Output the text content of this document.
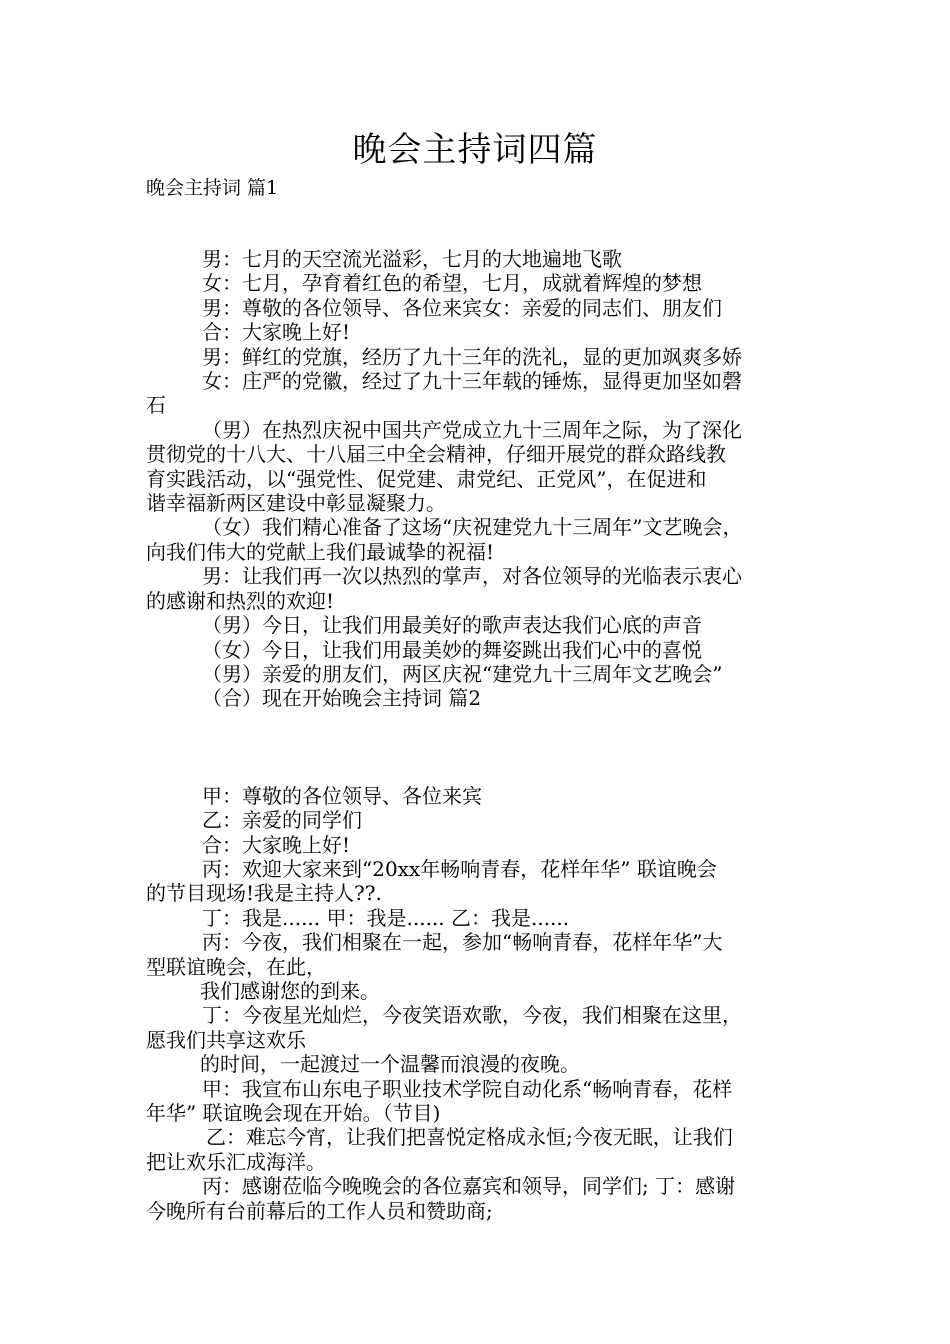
晚会主持词四篇
晚会主持词 篇1
男：七月的天空流光溢彩，七月的大地遍地飞歌
女：七月，孕育着红色的希望，七月，成就着辉煌的梦想
男：尊敬的各位领导、各位来宾女：亲爱的同志们、朋友们
合：大家晚上好!
男：鲜红的党旗，经历了九十三年的洗礼，显的更加飒爽多娇
女：庄严的党徽，经过了九十三年载的锤炼，显得更加坚如磬
石
（男）在热烈庆祝中国共产党成立九十三周年之际，为了深化
贯彻党的十八大、十八届三中全会精神，仔细开展党的群众路线教
育实践活动，以“强党性、促党建、肃党纪、正党风”，在促进和
谐幸福新两区建设中彰显凝聚力。
（女）我们精心准备了这场“庆祝建党九十三周年”文艺晚会，
向我们伟大的党献上我们最诚挚的祝福!
男：让我们再一次以热烈的掌声，对各位领导的光临表示衷心
的感谢和热烈的欢迎!
（男）今日，让我们用最美好的歌声表达我们心底的声音
（女）今日，让我们用最美妙的舞姿跳出我们心中的喜悦
（男）亲爱的朋友们，两区庆祝“建党九十三周年文艺晚会”
（合）现在开始晚会主持词 篇2
甲：尊敬的各位领导、各位来宾
乙：亲爱的同学们
合：大家晚上好!
丙：欢迎大家来到“20xx年畅响青春，花样年华” 联谊晚会
的节目现场!我是主持人??.
丁：我是...... 甲：我是...... 乙：我是......
丙：今夜，我们相聚在一起，参加“畅响青春，花样年华”大
型联谊晚会，在此，
我们感谢您的到来。
丁：今夜星光灿烂，今夜笑语欢歌，今夜，我们相聚在这里，
愿我们共享这欢乐
的时间，一起渡过一个温馨而浪漫的夜晚。
甲：我宣布山东电子职业技术学院自动化系“畅响青春，花样
年华” 联谊晚会现在开始。（节目)
乙：难忘今宵，让我们把喜悦定格成永恒;今夜无眠，让我们
把让欢乐汇成海洋。
丙：感谢莅临今晚晚会的各位嘉宾和领导，同学们; 丁：感谢
今晚所有台前幕后的工作人员和赞助商;
